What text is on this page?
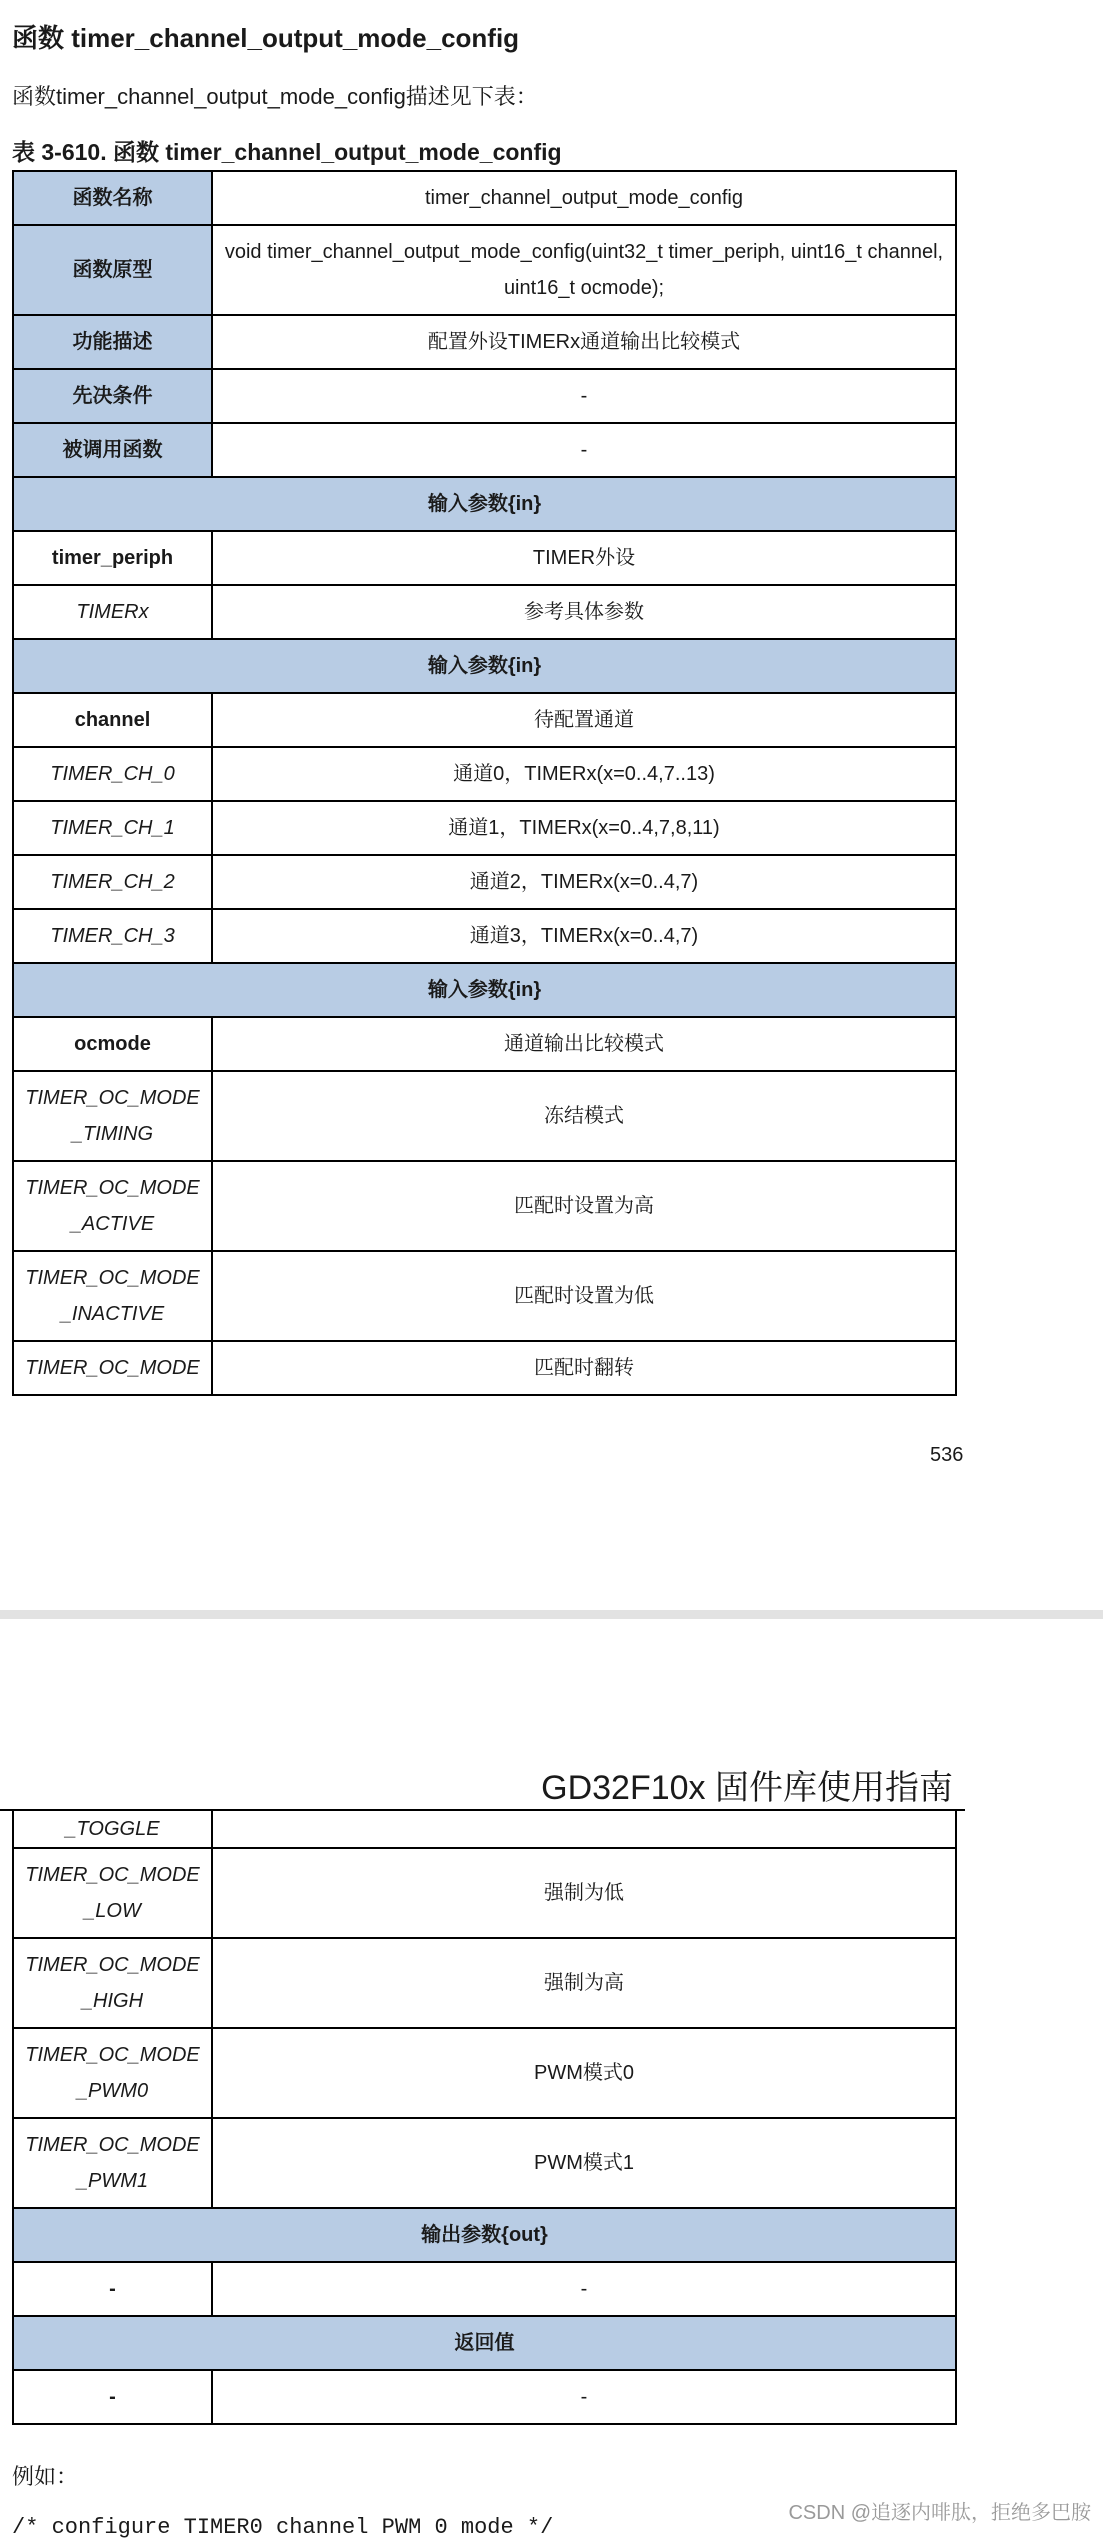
函数 timer_channel_output_mode_config
函数timer_channel_output_mode_config描述见下表：
表 3-610. 函数 timer_channel_output_mode_config
函数名称	timer_channel_output_mode_config
函数原型	void timer_channel_output_mode_config(uint32_t timer_periph, uint16_t channel, uint16_t ocmode);
功能描述	配置外设TIMERx通道输出比较模式
先决条件	-
被调用函数	-
输入参数{in}	
timer_periph	TIMER外设
TIMERx	参考具体参数
输入参数{in}	
channel	待配置通道
TIMER_CH_0	通道0，TIMERx(x=0..4,7..13)
TIMER_CH_1	通道1，TIMERx(x=0..4,7,8,11)
TIMER_CH_2	通道2，TIMERx(x=0..4,7)
TIMER_CH_3	通道3，TIMERx(x=0..4,7)
输入参数{in}	
ocmode	通道输出比较模式
TIMER_OC_MODE
_TIMING	冻结模式
TIMER_OC_MODE
_ACTIVE	匹配时设置为高
TIMER_OC_MODE
_INACTIVE	匹配时设置为低
TIMER_OC_MODE	匹配时翻转
536
GD32F10x 固件库使用指南
_TOGGLE	
TIMER_OC_MODE
_LOW	强制为低
TIMER_OC_MODE
_HIGH	强制为高
TIMER_OC_MODE
_PWM0	PWM模式0
TIMER_OC_MODE
_PWM1	PWM模式1
输出参数{out}	
-	-
返回值	
-	-
例如：
/* configure TIMER0 channel PWM 0 mode */
CSDN @追逐内啡肽，拒绝多巴胺
